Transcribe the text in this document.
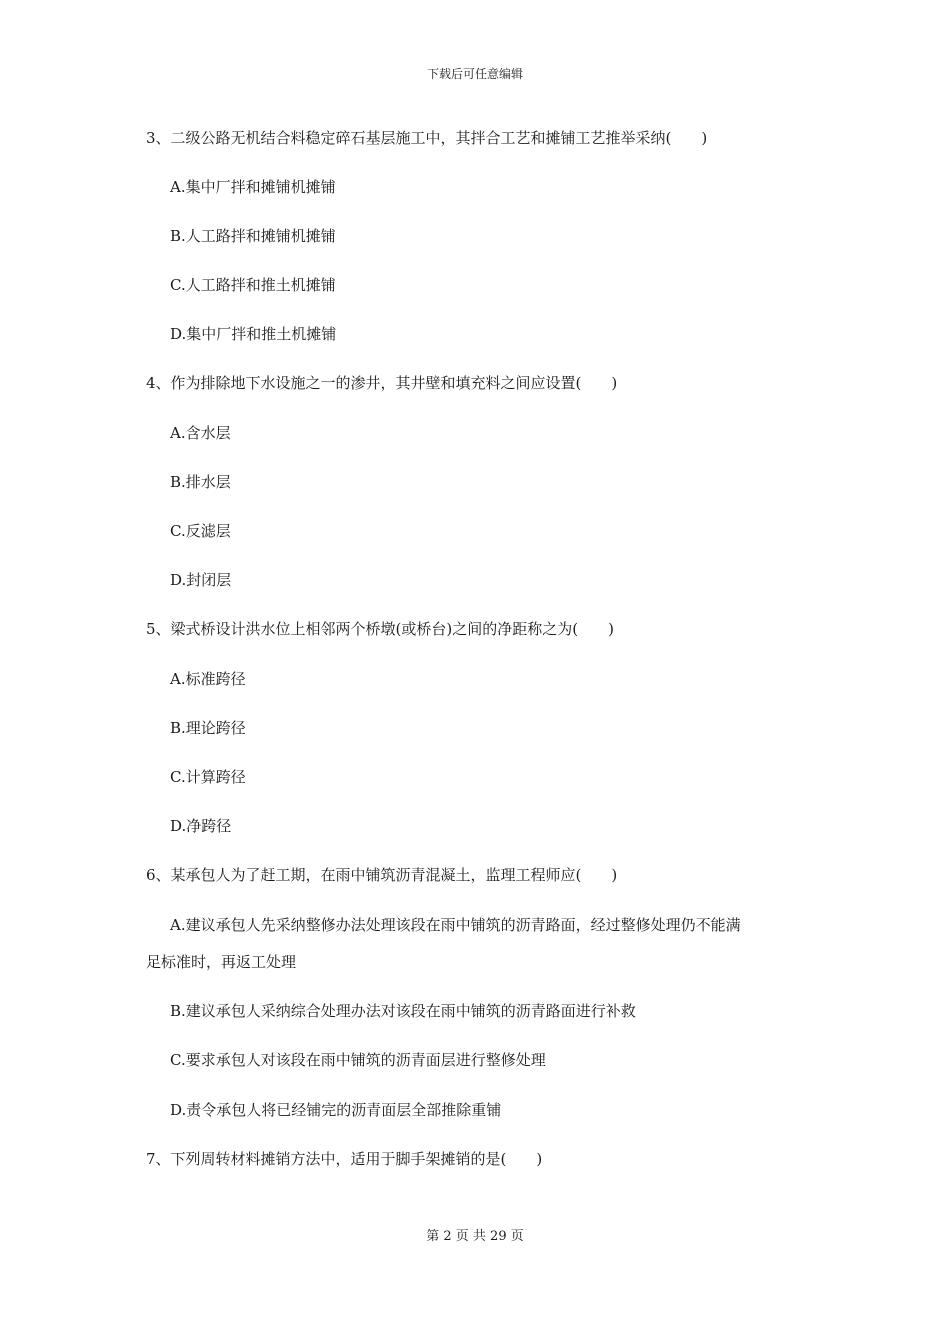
下载后可任意编辑
3、二级公路无机结合料稳定碎石基层施工中，其拌合工艺和摊铺工艺推举采纳(　　)
A.集中厂拌和摊铺机摊铺
B.人工路拌和摊铺机摊铺
C.人工路拌和推土机摊铺
D.集中厂拌和推土机摊铺
4、作为排除地下水设施之一的渗井，其井壁和填充料之间应设置(　　)
A.含水层
B.排水层
C.反滤层
D.封闭层
5、梁式桥设计洪水位上相邻两个桥墩(或桥台)之间的净距称之为(　　)
A.标准跨径
B.理论跨径
C.计算跨径
D.净跨径
6、某承包人为了赶工期，在雨中铺筑沥青混凝土，监理工程师应(　　)
A.建议承包人先采纳整修办法处理该段在雨中铺筑的沥青路面，经过整修处理仍不能满
足标准时，再返工处理
B.建议承包人采纳综合处理办法对该段在雨中铺筑的沥青路面进行补救
C.要求承包人对该段在雨中铺筑的沥青面层进行整修处理
D.责令承包人将已经铺完的沥青面层全部推除重铺
7、下列周转材料摊销方法中，适用于脚手架摊销的是(　　)
第 2 页 共 29 页
